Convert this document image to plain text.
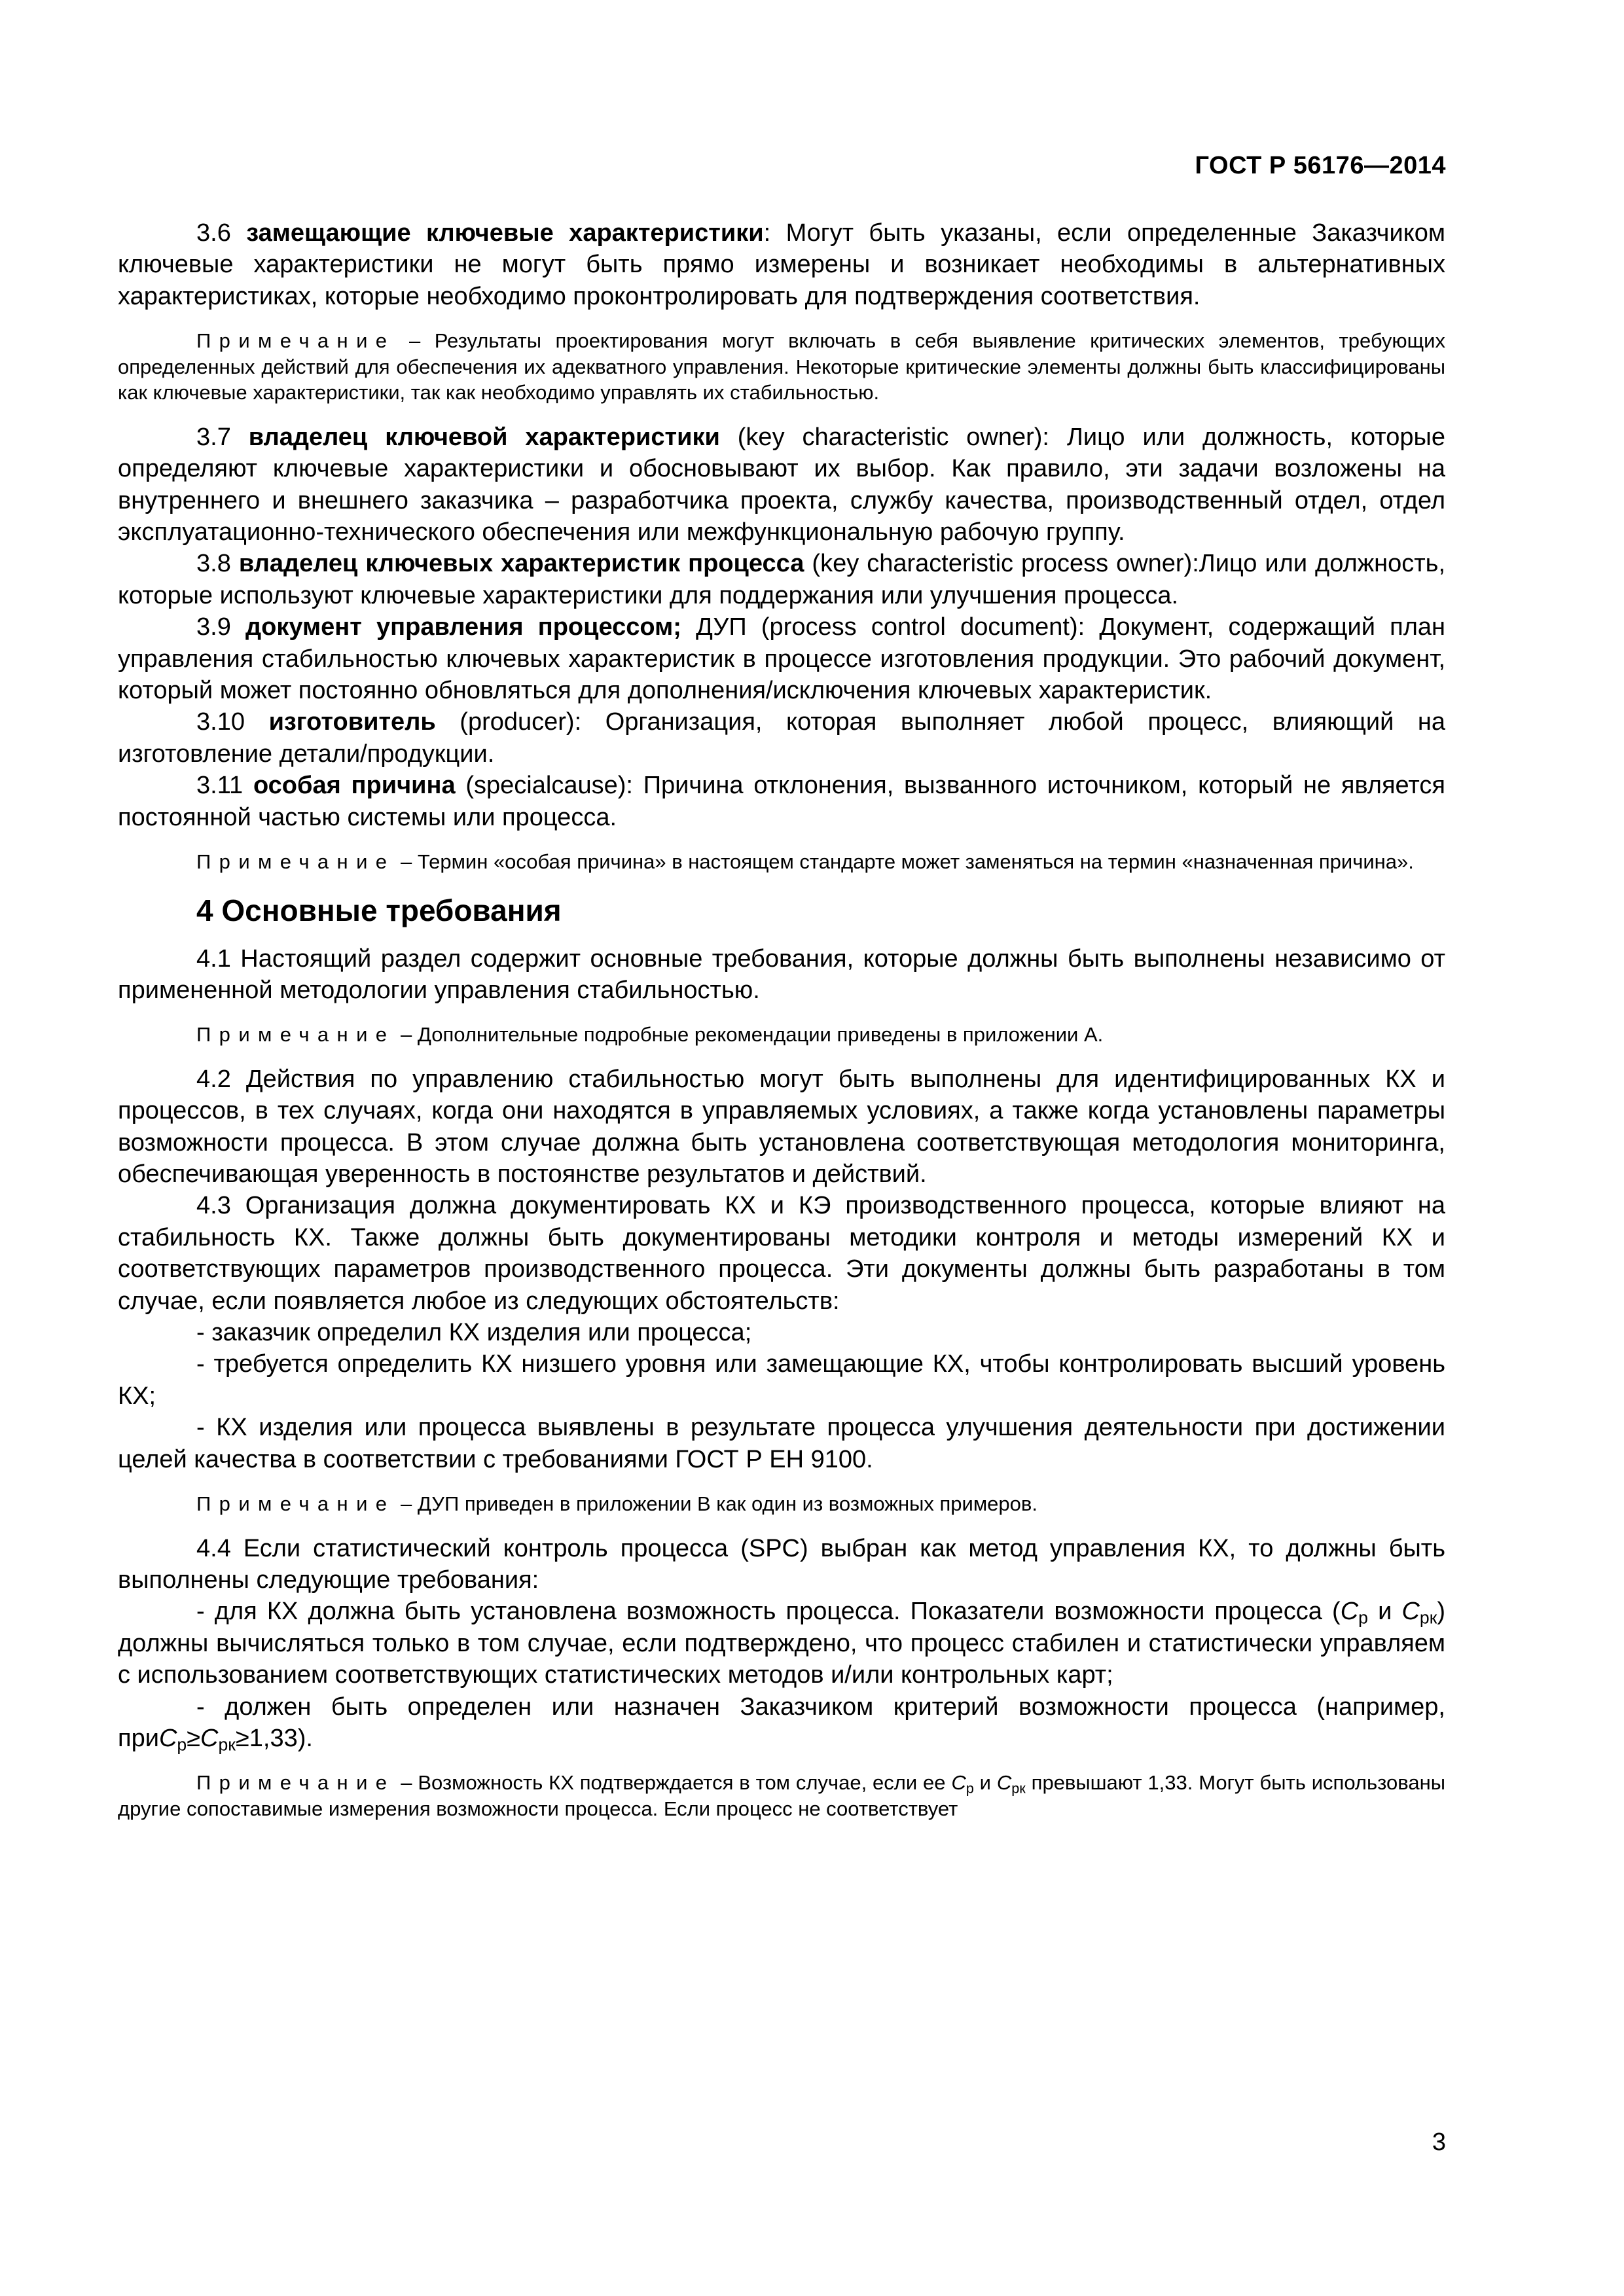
ГОСТ Р 56176—2014

3.6 замещающие ключевые характеристики: Могут быть указаны, если определенные Заказчиком ключевые характеристики не могут быть прямо измерены и возникает необходимы в альтернативных характеристиках, которые необходимо проконтролировать для подтверждения соответствия.

Примечание – Результаты проектирования могут включать в себя выявление критических элементов, требующих определенных действий для обеспечения их адекватного управления. Некоторые критические элементы должны быть классифицированы как ключевые характеристики, так как необходимо управлять их стабильностью.

3.7 владелец ключевой характеристики (key characteristic owner): Лицо или должность, которые определяют ключевые характеристики и обосновывают их выбор. Как правило, эти задачи возложены на внутреннего и внешнего заказчика – разработчика проекта, службу качества, производственный отдел, отдел эксплуатационно-технического обеспечения или межфункциональную рабочую группу.

3.8 владелец ключевых характеристик процесса (key characteristic process owner):Лицо или должность, которые используют ключевые характеристики для поддержания или улучшения процесса.

3.9 документ управления процессом; ДУП (process control document): Документ, содержащий план управления стабильностью ключевых характеристик в процессе изготовления продукции. Это рабочий документ, который может постоянно обновляться для дополнения/исключения ключевых характеристик.

3.10 изготовитель (producer): Организация, которая выполняет любой процесс, влияющий на изготовление детали/продукции.

3.11 особая причина (specialcause): Причина отклонения, вызванного источником, который не является постоянной частью системы или процесса.

Примечание – Термин «особая причина» в настоящем стандарте может заменяться на термин «назначенная причина».

4 Основные требования

4.1 Настоящий раздел содержит основные требования, которые должны быть выполнены независимо от примененной методологии управления стабильностью.

Примечание – Дополнительные подробные рекомендации приведены в приложении А.

4.2 Действия по управлению стабильностью могут быть выполнены для идентифицированных КХ и процессов, в тех случаях, когда они находятся в управляемых условиях, а также когда установлены параметры возможности процесса. В этом случае должна быть установлена соответствующая методология мониторинга, обеспечивающая уверенность в постоянстве результатов и действий.

4.3 Организация должна документировать КХ и КЭ производственного процесса, которые влияют на стабильность КХ. Также должны быть документированы методики контроля и методы измерений КХ и соответствующих параметров производственного процесса. Эти документы должны быть разработаны в том случае, если появляется любое из следующих обстоятельств:

- заказчик определил КХ изделия или процесса;

- требуется определить КХ низшего уровня или замещающие КХ, чтобы контролировать высший уровень КХ;

- КХ изделия или процесса выявлены в результате процесса улучшения деятельности при достижении целей качества в соответствии с требованиями ГОСТ Р ЕН 9100.

Примечание – ДУП приведен в приложении В как один из возможных примеров.

4.4 Если статистический контроль процесса (SPC) выбран как метод управления КХ, то должны быть выполнены следующие требования:

- для КХ должна быть установлена возможность процесса. Показатели возможности процесса ($C_р$ и $C_{рк}$) должны вычисляться только в том случае, если подтверждено, что процесс стабилен и статистически управляем с использованием соответствующих статистических методов и/или контрольных карт;

- должен быть определен или назначен Заказчиком критерий возможности процесса (например, $приC_р\ge C_{рк}\ge 1,33$).

Примечание – Возможность КХ подтверждается в том случае, если ее $C_р$ и $C_{рк}$ превышают 1,33. Могут быть использованы другие сопоставимые измерения возможности процесса. Если процесс не соответствует

3
